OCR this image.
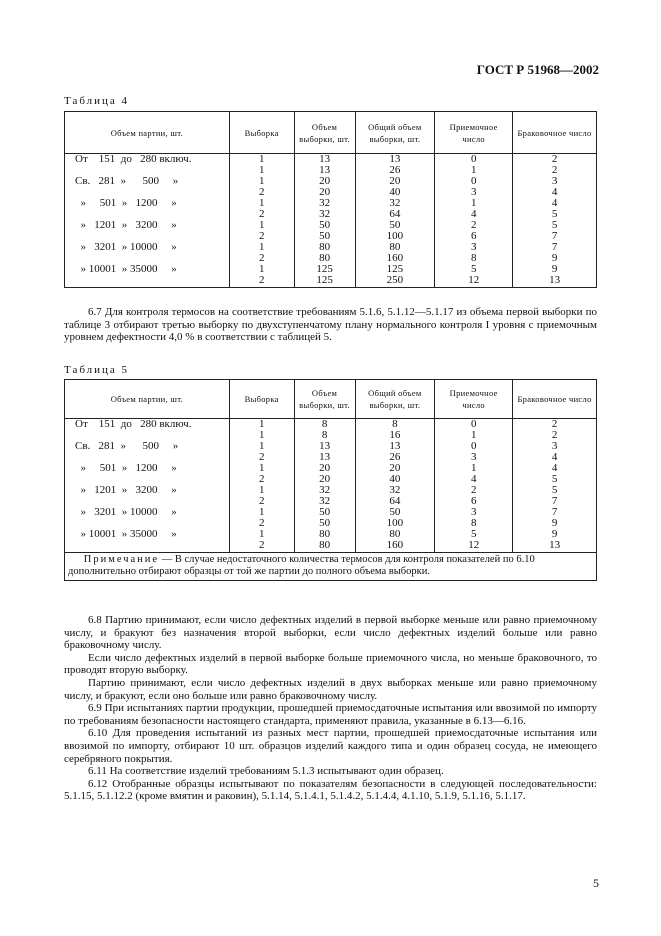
ГОСТ Р 51968—2002
Таблица 4
Объем партии, шт.	Выборка	Объем выборки, шт.	Общий объем выборки, шт.	Приемочное число	Браковочное число
От    151  до   280 включ.	1	13	13	0	2
	1	13	26	1	2
Св.   281  »      500     »	1	20	20	0	3
	2	20	40	3	4
»     501  »   1200     »	1	32	32	1	4
	2	32	64	4	5
»   1201  »   3200     »	1	50	50	2	5
	2	50	100	6	7
»   3201  » 10000     »	1	80	80	3	7
	2	80	160	8	9
» 10001  » 35000     »	1	125	125	5	9
	2	125	250	12	13

6.7 Для контроля термосов на соответствие требованиям 5.1.6, 5.1.12—5.1.17 из объема первой выборки по таблице 3 отбирают третью выборку по двухступенчатому плану нормального контроля I уровня с приемочным уровнем дефектности 4,0 % в соответствии с таблицей 5.

Таблица 5
Объем партии, шт.	Выборка	Объем выборки, шт.	Общий объем выборки, шт.	Приемочное число	Браковочное число
От    151  до   280 включ.	1	8	8	0	2
	1	8	16	1	2
Св.   281  »      500     »	1	13	13	0	3
	2	13	26	3	4
»     501  »   1200     »	1	20	20	1	4
	2	20	40	4	5
»   1201  »   3200     »	1	32	32	2	5
	2	32	64	6	7
»   3201  » 10000     »	1	50	50	3	7
	2	50	100	8	9
» 10001  » 35000     »	1	80	80	5	9
	2	80	160	12	13
Примечание — В случае недостаточного количества термосов для контроля показателей по 6.10 дополнительно отбирают образцы от той же партии до полного объема выборки.					

6.8 Партию принимают, если число дефектных изделий в первой выборке меньше или равно приемочному числу, и бракуют без назначения второй выборки, если число дефектных изделий больше или равно браковочному числу.

Если число дефектных изделий в первой выборке больше приемочного числа, но меньше браковочного, то проводят вторую выборку.

Партию принимают, если число дефектных изделий в двух выборках меньше или равно приемочному числу, и бракуют, если оно больше или равно браковочному числу.

6.9 При испытаниях партии продукции, прошедшей приемосдаточные испытания или ввозимой по импорту по требованиям безопасности настоящего стандарта, применяют правила, указанные в 6.13—6.16.

6.10 Для проведения испытаний из разных мест партии, прошедшей приемосдаточные испытания или ввозимой по импорту, отбирают 10 шт. образцов изделий каждого типа и один образец сосуда, не имеющего серебряного покрытия.

6.11 На соответствие изделий требованиям 5.1.3 испытывают один образец.

6.12 Отобранные образцы испытывают по показателям безопасности в следующей последовательности: 5.1.15, 5.1.12.2 (кроме вмятин и раковин), 5.1.14, 5.1.4.1, 5.1.4.2, 5.1.4.4, 4.1.10, 5.1.9, 5.1.16, 5.1.17.

5
